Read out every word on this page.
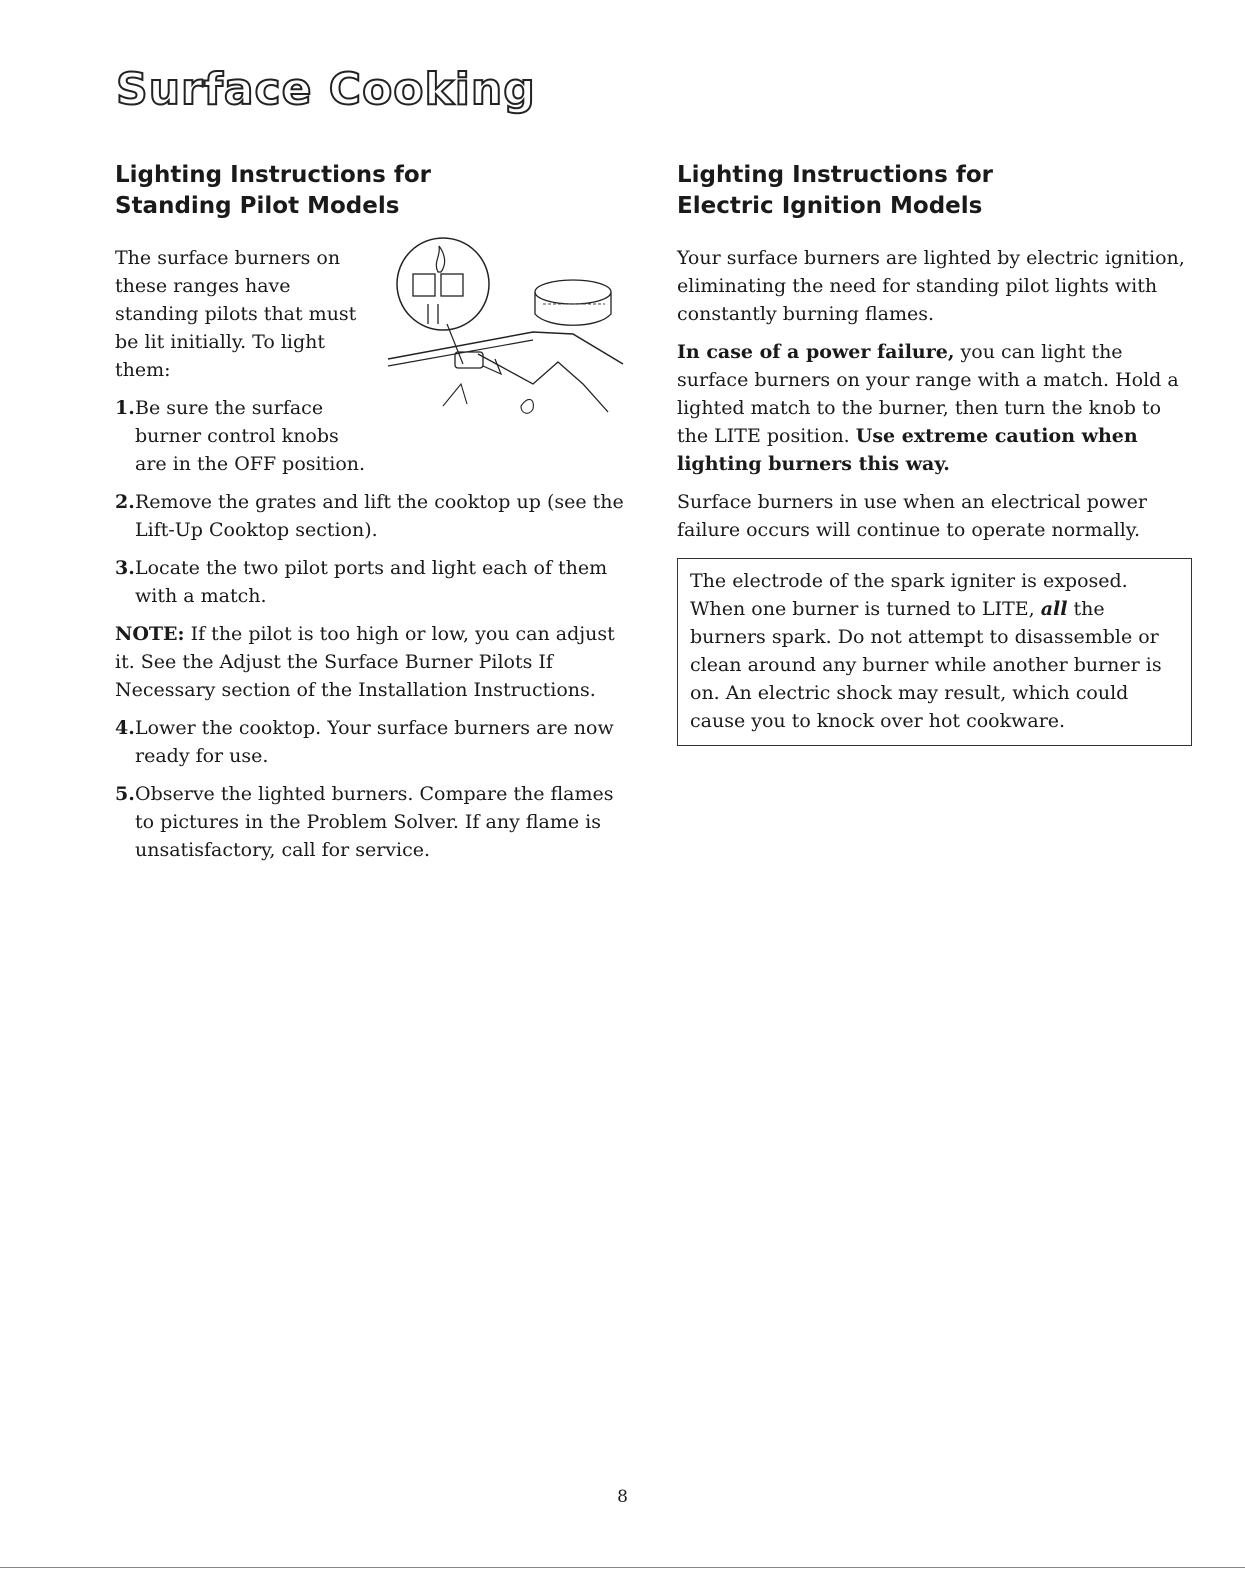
Surface Cooking
Lighting Instructions for
Standing Pilot Models

The surface burners on these ranges have standing pilots that must be lit initially. To light them:

1. Be sure the surface burner control knobs are in the OFF position.
2. Remove the grates and lift the cooktop up (see the Lift-Up Cooktop section).
3. Locate the two pilot ports and light each of them with a match.

NOTE: If the pilot is too high or low, you can adjust it. See the Adjust the Surface Burner Pilots If Necessary section of the Installation Instructions.

4. Lower the cooktop. Your surface burners are now ready for use.
5. Observe the lighted burners. Compare the flames to pictures in the Problem Solver. If any flame is unsatisfactory, call for service.
Lighting Instructions for
Electric Ignition Models

Your surface burners are lighted by electric ignition, eliminating the need for standing pilot lights with constantly burning flames.

In case of a power failure, you can light the surface burners on your range with a match. Hold a lighted match to the burner, then turn the knob to the LITE position. Use extreme caution when lighting burners this way.

Surface burners in use when an electrical power failure occurs will continue to operate normally.

The electrode of the spark igniter is exposed. When one burner is turned to LITE, all the burners spark. Do not attempt to disassemble or clean around any burner while another burner is on. An electric shock may result, which could cause you to knock over hot cookware.

8
